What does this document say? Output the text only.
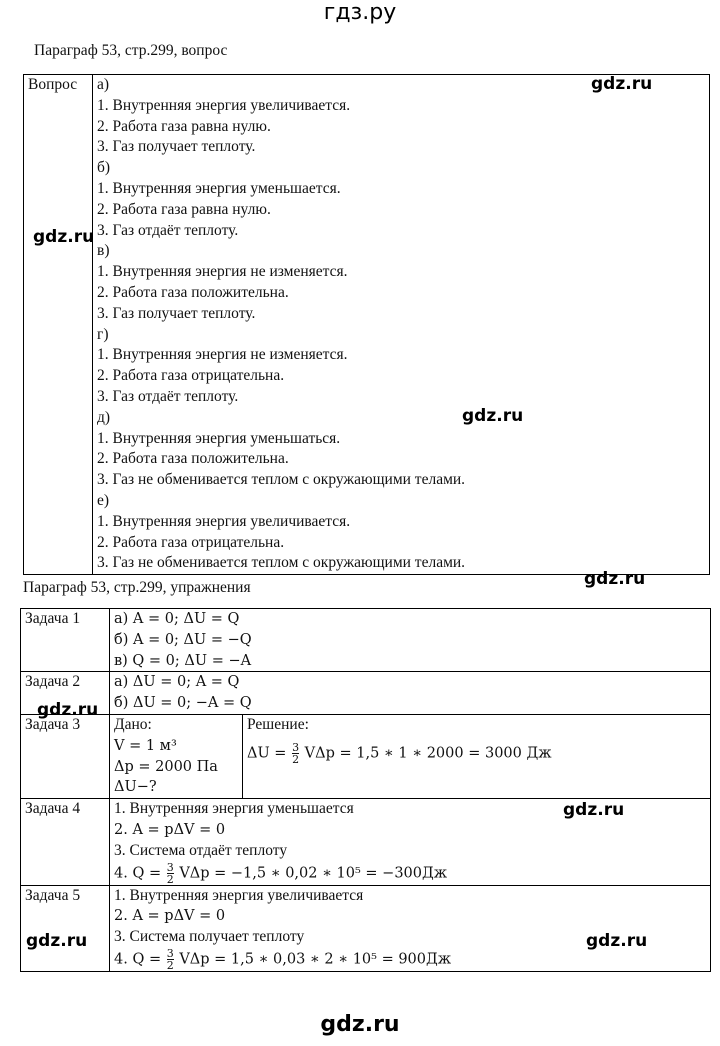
гдз.ру
Параграф 53, стр.299, вопрос
Вопрос	а)
1. Внутренняя энергия увеличивается.
2. Работа газа равна нулю.
3. Газ получает теплоту.
б)
1. Внутренняя энергия уменьшается.
2. Работа газа равна нулю.
3. Газ отдаёт теплоту.
в)
1. Внутренняя энергия не изменяется.
2. Работа газа положительна.
3. Газ получает теплоту.
г)
1. Внутренняя энергия не изменяется.
2. Работа газа отрицательна.
3. Газ отдаёт теплоту.
д)
1. Внутренняя энергия уменьшаться.
2. Работа газа положительна.
3. Газ не обменивается теплом с окружающими телами.
е)
1. Внутренняя энергия увеличивается.
2. Работа газа отрицательна.
3. Газ не обменивается теплом с окружающими телами.
Параграф 53, стр.299, упражнения
Задача 1	а) A = 0; ΔU = Q
б) A = 0; ΔU = −Q
в) Q = 0; ΔU = −A

Задача 2	а) ΔU = 0; A = Q
б) ΔU = 0; −A = Q

Задача 3	Дано:
V = 1 м³
Δp = 2000 Па
ΔU−?

Решение:
$\Delta U = \frac{3}{2}$ VΔp = 1,5 ∗ 1 ∗ 2000 = 3000 Дж

Задача 4	1. Внутренняя энергия уменьшается
2. A = pΔV = 0
3. Система отдаёт теплоту
4. $Q = \frac{3}{2}$ VΔp = −1,5 ∗ 0,02 ∗ 10⁵ = −300Дж

Задача 5	1. Внутренняя энергия увеличивается
2. A = pΔV = 0
3. Система получает теплоту
4. $Q = \frac{3}{2}$ VΔp = 1,5 ∗ 0,03 ∗ 2 ∗ 10⁵ = 900Дж
gdz.ru
gdz.ru
gdz.ru
gdz.ru
gdz.ru
gdz.ru
gdz.ru	gdz.ru
gdz.ru
